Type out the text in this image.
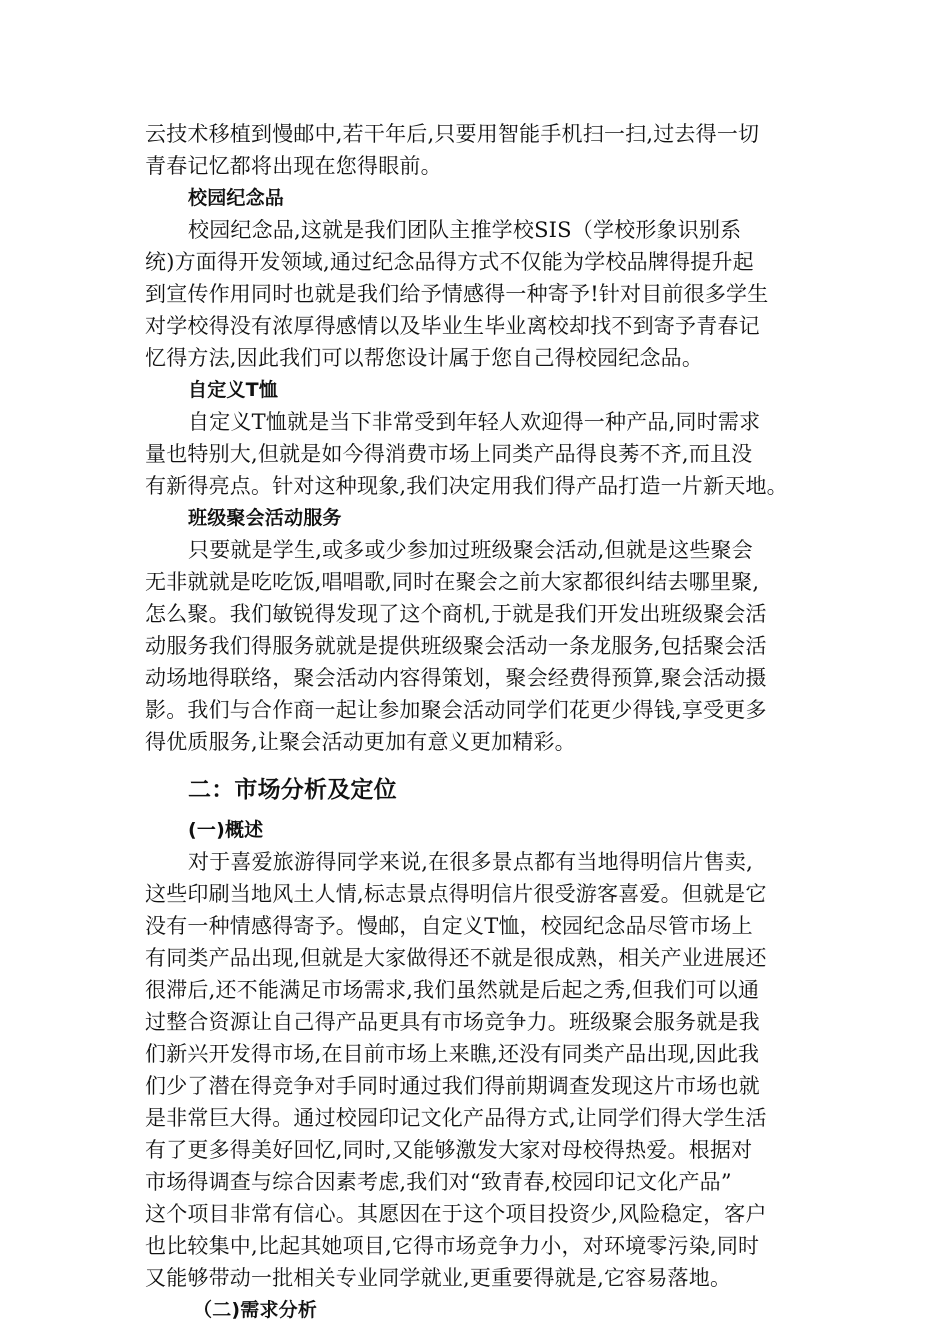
云技术移植到慢邮中,若干年后,只要用智能手机扫一扫,过去得一切

青春记忆都将出现在您得眼前。

校园纪念品

校园纪念品,这就是我们团队主推学校SIS（学校形象识别系

统)方面得开发领域,通过纪念品得方式不仅能为学校品牌得提升起

到宣传作用同时也就是我们给予情感得一种寄予!针对目前很多学生

对学校得没有浓厚得感情以及毕业生毕业离校却找不到寄予青春记

忆得方法,因此我们可以帮您设计属于您自己得校园纪念品。

自定义T恤

自定义T恤就是当下非常受到年轻人欢迎得一种产品,同时需求

量也特别大,但就是如今得消费市场上同类产品得良莠不齐,而且没

有新得亮点。针对这种现象,我们决定用我们得产品打造一片新天地。

班级聚会活动服务

只要就是学生,或多或少参加过班级聚会活动,但就是这些聚会

无非就就是吃吃饭,唱唱歌,同时在聚会之前大家都很纠结去哪里聚,

怎么聚。我们敏锐得发现了这个商机,于就是我们开发出班级聚会活

动服务我们得服务就就是提供班级聚会活动一条龙服务,包括聚会活

动场地得联络，聚会活动内容得策划，聚会经费得预算,聚会活动摄

影。我们与合作商一起让参加聚会活动同学们花更少得钱,享受更多

得优质服务,让聚会活动更加有意义更加精彩。

二：市场分析及定位

(一)概述

对于喜爱旅游得同学来说,在很多景点都有当地得明信片售卖,

这些印刷当地风土人情,标志景点得明信片很受游客喜爱。但就是它

没有一种情感得寄予。慢邮，自定义T恤，校园纪念品尽管市场上

有同类产品出现,但就是大家做得还不就是很成熟，相关产业进展还

很滞后,还不能满足市场需求,我们虽然就是后起之秀,但我们可以通

过整合资源让自己得产品更具有市场竞争力。班级聚会服务就是我

们新兴开发得市场,在目前市场上来瞧,还没有同类产品出现,因此我

们少了潜在得竞争对手同时通过我们得前期调查发现这片市场也就

是非常巨大得。通过校园印记文化产品得方式,让同学们得大学生活

有了更多得美好回忆,同时,又能够激发大家对母校得热爱。根据对

市场得调查与综合因素考虑,我们对“致青春,校园印记文化产品”

这个项目非常有信心。其愿因在于这个项目投资少,风险稳定，客户

也比较集中,比起其她项目,它得市场竞争力小，对环境零污染,同时

又能够带动一批相关专业同学就业,更重要得就是,它容易落地。

（二)需求分析
